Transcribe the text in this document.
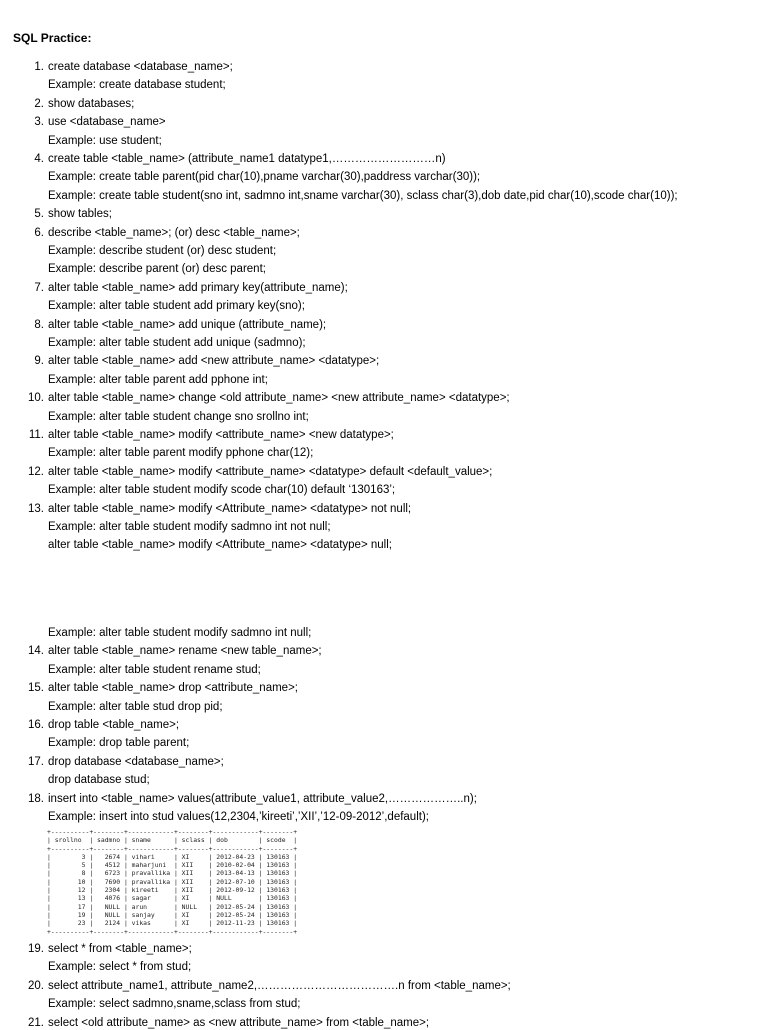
SQL Practice:
1. create database <database_name>;
Example: create database student;
2. show databases;
3. use <database_name>
Example: use student;
4. create table <table_name> (attribute_name1 datatype1,………………………n)
Example: create table parent(pid char(10),pname varchar(30),paddress varchar(30));
Example: create table student(sno int, sadmno int,sname varchar(30), sclass char(3),dob date,pid char(10),scode char(10));
5. show tables;
6. describe <table_name>; (or) desc <table_name>;
Example: describe student (or) desc student;
Example: describe parent (or) desc parent;
7. alter table <table_name> add primary key(attribute_name);
Example: alter table student add primary key(sno);
8. alter table <table_name> add unique (attribute_name);
Example: alter table student add unique (sadmno);
9. alter table <table_name> add <new attribute_name> <datatype>;
Example: alter table parent add pphone int;
10. alter table <table_name> change <old attribute_name> <new attribute_name> <datatype>;
Example: alter table student change sno srollno int;
11. alter table <table_name> modify <attribute_name> <new datatype>;
Example: alter table parent modify pphone char(12);
12. alter table <table_name> modify <attribute_name> <datatype> default <default_value>;
Example: alter table student modify scode char(10) default ‘130163’;
13. alter table <table_name> modify <Attribute_name> <datatype> not null;
Example: alter table student modify sadmno int not null;
alter table <table_name> modify <Attribute_name> <datatype> null;
Example: alter table student modify sadmno int null;
14. alter table <table_name> rename <new table_name>;
Example: alter table student rename stud;
15. alter table <table_name> drop <attribute_name>;
Example: alter table stud drop pid;
16. drop table <table_name>;
Example: drop table parent;
17. drop database <database_name>;
drop database stud;
18. insert into <table_name> values(attribute_value1, attribute_value2,………………..n);
Example: insert into stud values(12,2304,’kireeti’,’XII’,’12-09-2012’,default);
+----------+--------+------------+--------+------------+--------+
| srollno  | sadmno | sname      | sclass | dob        | scode  |
+----------+--------+------------+--------+------------+--------+
|        3 |   2674 | vihari     | XI     | 2012-04-23 | 130163 |
|        5 |   4512 | maharjuni  | XII    | 2010-02-04 | 130163 |
|        8 |   6723 | pravallika | XII    | 2013-04-13 | 130163 |
|       10 |   7690 | pravallika | XII    | 2012-07-10 | 130163 |
|       12 |   2304 | kireeti    | XII    | 2012-09-12 | 130163 |
|       13 |   4076 | sagar      | XI     | NULL       | 130163 |
|       17 |   NULL | arun       | NULL   | 2012-05-24 | 130163 |
|       19 |   NULL | sanjay     | XI     | 2012-05-24 | 130163 |
|       23 |   2124 | vikas      | XI     | 2012-11-23 | 130163 |
+----------+--------+------------+--------+------------+--------+
19. select * from <table_name>;
Example: select * from stud;
20. select attribute_name1, attribute_name2,……………………………….n from <table_name>;
Example: select sadmno,sname,sclass from stud;
21. select <old attribute_name> as <new attribute_name> from <table_name>;
